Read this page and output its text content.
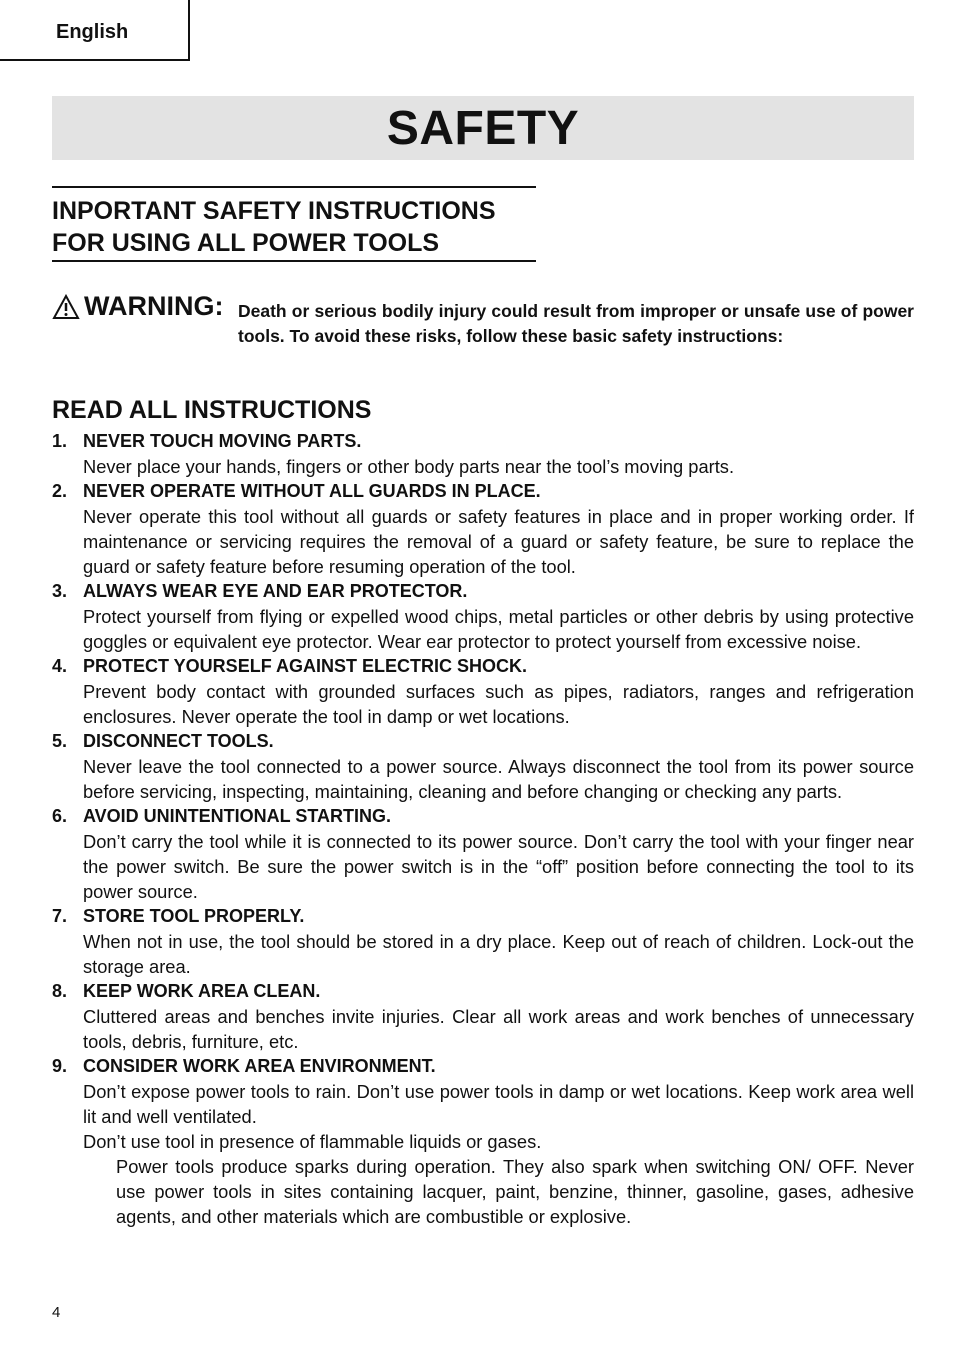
English
SAFETY
INPORTANT SAFETY INSTRUCTIONS
FOR USING ALL POWER TOOLS
WARNING: Death or serious bodily injury could result from improper or unsafe use of power tools. To avoid these risks, follow these basic safety instructions:
READ ALL INSTRUCTIONS
1. NEVER TOUCH MOVING PARTS.
Never place your hands, fingers or other body parts near the tool’s moving parts.
2. NEVER OPERATE WITHOUT ALL GUARDS IN PLACE.
Never operate this tool without all guards or safety features in place and in proper working order. If maintenance or servicing requires the removal of a guard or safety feature, be sure to replace the guard or safety feature before resuming operation of the tool.
3. ALWAYS WEAR EYE AND EAR PROTECTOR.
Protect yourself from flying or expelled wood chips, metal particles or other debris by using protective goggles or equivalent eye protector. Wear ear protector to protect yourself from excessive noise.
4. PROTECT YOURSELF AGAINST ELECTRIC SHOCK.
Prevent body contact with grounded surfaces such as pipes, radiators, ranges and refrigeration enclosures. Never operate the tool in damp or wet locations.
5. DISCONNECT TOOLS.
Never leave the tool connected to a power source. Always disconnect the tool from its power source before servicing, inspecting, maintaining, cleaning and before changing or checking any parts.
6. AVOID UNINTENTIONAL STARTING.
Don’t carry the tool while it is connected to its power source. Don’t carry the tool with your finger near the power switch. Be sure the power switch is in the “off” position before connecting the tool to its power source.
7. STORE TOOL PROPERLY.
When not in use, the tool should be stored in a dry place. Keep out of reach of children. Lock-out the storage area.
8. KEEP WORK AREA CLEAN.
Cluttered areas and benches invite injuries. Clear all work areas and work benches of unnecessary tools, debris, furniture, etc.
9. CONSIDER WORK AREA ENVIRONMENT.
Don’t expose power tools to rain. Don’t use power tools in damp or wet locations. Keep work area well lit and well ventilated.
Don’t use tool in presence of flammable liquids or gases.
Power tools produce sparks during operation. They also spark when switching ON/ OFF. Never use power tools in sites containing lacquer, paint, benzine, thinner, gasoline, gases, adhesive agents, and other materials which are combustible or explosive.
4
